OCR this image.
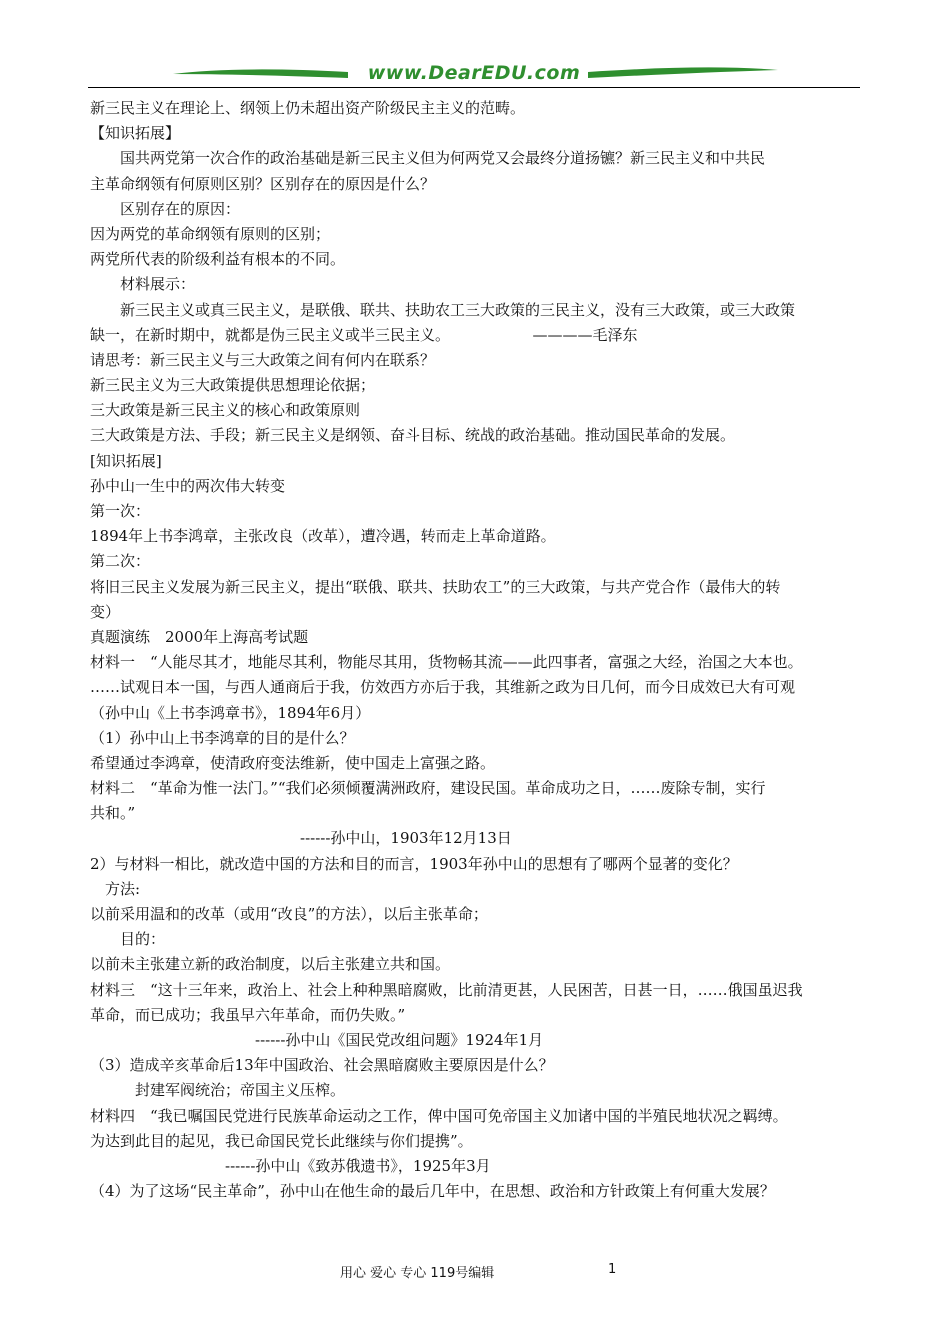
www.DearEDU.com
新三民主义在理论上、纲领上仍未超出资产阶级民主主义的范畴。
【知识拓展】
　　国共两党第一次合作的政治基础是新三民主义但为何两党又会最终分道扬镳？新三民主义和中共民
主革命纲领有何原则区别？区别存在的原因是什么？
　　区别存在的原因：
因为两党的革命纲领有原则的区别；
两党所代表的阶级利益有根本的不同。
　　材料展示：
　　新三民主义或真三民主义，是联俄、联共、扶助农工三大政策的三民主义，没有三大政策，或三大政策
缺一，在新时期中，就都是伪三民主义或半三民主义。　　　　　　————毛泽东
请思考：新三民主义与三大政策之间有何内在联系？
新三民主义为三大政策提供思想理论依据；
三大政策是新三民主义的核心和政策原则
三大政策是方法、手段；新三民主义是纲领、奋斗目标、统战的政治基础。推动国民革命的发展。
[知识拓展]
孙中山一生中的两次伟大转变
第一次：
1894年上书李鸿章，主张改良（改革），遭冷遇，转而走上革命道路。
第二次：
将旧三民主义发展为新三民主义，提出“联俄、联共、扶助农工”的三大政策，与共产党合作（最伟大的转
变）
真题演练　2000年上海高考试题
材料一　“人能尽其才，地能尽其利，物能尽其用，货物畅其流——此四事者，富强之大经，治国之大本也。
……试观日本一国，与西人通商后于我，仿效西方亦后于我，其维新之政为日几何，而今日成效已大有可观
（孙中山《上书李鸿章书》，1894年6月）
（1）孙中山上书李鸿章的目的是什么？
希望通过李鸿章，使清政府变法维新，使中国走上富强之路。
材料二　“革命为惟一法门。”“我们必须倾覆满洲政府，建设民国。革命成功之日，……废除专制，实行
共和。”
　　　　　　　　　　　　　　------孙中山，1903年12月13日
2）与材料一相比，就改造中国的方法和目的而言，1903年孙中山的思想有了哪两个显著的变化？
　方法:
以前采用温和的改革（或用“改良”的方法），以后主张革命；
　　目的：
以前未主张建立新的政治制度，以后主张建立共和国。
材料三　“这十三年来，政治上、社会上种种黑暗腐败，比前清更甚，人民困苦，日甚一日，……俄国虽迟我
革命，而已成功；我虽早六年革命，而仍失败。”
　　　　　　　　　　　------孙中山《国民党改组问题》1924年1月
（3）造成辛亥革命后13年中国政治、社会黑暗腐败主要原因是什么？
　　　封建军阀统治；帝国主义压榨。
材料四　“我已嘱国民党进行民族革命运动之工作，俾中国可免帝国主义加诸中国的半殖民地状况之羁缚。
为达到此目的起见，我已命国民党长此继续与你们提携”。
　　　　　　　　　------孙中山《致苏俄遗书》，1925年3月
（4）为了这场“民主革命”，孙中山在他生命的最后几年中，在思想、政治和方针政策上有何重大发展？
用心 爱心 专心 119号编辑	1
